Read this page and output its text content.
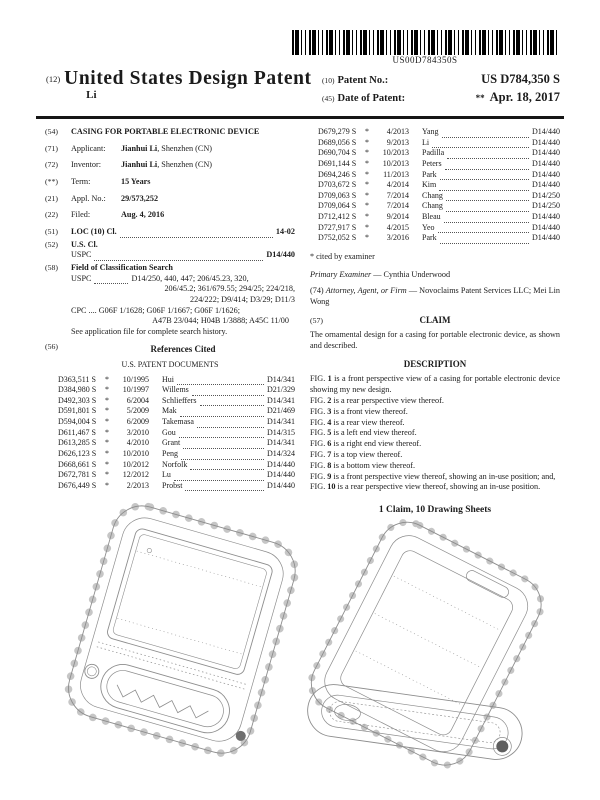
US00D784350S
(12) United States Design Patent
Li
(10) Patent No.:	US D784,350 S
(45) Date of Patent:	** Apr. 18, 2017
(54)	CASING FOR PORTABLE ELECTRONIC DEVICE
(71)	Applicant: Jianhui Li, Shenzhen (CN)
(72)	Inventor: Jianhui Li, Shenzhen (CN)
(**)	Term:	15 Years
(21)	Appl. No.: 29/573,252
(22)	Filed:	Aug. 4, 2016
(51)	LOC (10) Cl.	14-02
(52)	U.S. Cl.
USPC	D14/440
(58)	Field of Classification Search
USPC	D14/250, 440, 447; 206/45.23, 320,
206/45.2; 361/679.55; 294/25; 224/218,
224/222; D9/414; D3/29; D11/3
CPC .... G06F 1/1628; G06F 1/1667; G06F 1/1626;
A47B 23/044; H04B 1/3888; A45C 11/00
See application file for complete search history.
(56)	References Cited
U.S. PATENT DOCUMENTS
D363,511 S	*	10/1995 Hui	D14/341
D384,980 S	*	10/1997 Willems	D21/329
D492,303 S	*	6/2004 Schlieffers	D14/341
D591,801 S	*	5/2009 Mak	D21/469
D594,004 S	*	6/2009 Takemasa	D14/341
D611,467 S	*	3/2010 Gou	D14/315
D613,285 S	*	4/2010 Grant	D14/341
D626,123 S	*	10/2010 Peng	D14/324
D668,661 S	*	10/2012 Norfolk	D14/440
D672,781 S	*	12/2012 Lu	D14/440
D676,449 S	*	2/2013 Probst	D14/440
D679,279 S	*	4/2013 Yang	D14/440
D689,056 S	*	9/2013 Li	D14/440
D690,704 S	*	10/2013 Padilla	D14/440
D691,144 S	*	10/2013 Peters	D14/440
D694,246 S	*	11/2013 Park	D14/440
D703,672 S	*	4/2014 Kim	D14/440
D709,063 S	*	7/2014 Chang	D14/250
D709,064 S	*	7/2014 Chang	D14/250
D712,412 S	*	9/2014 Bleau	D14/440
D727,917 S	*	4/2015 Yeo	D14/440
D752,052 S	*	3/2016 Park	D14/440
* cited by examiner
Primary Examiner — Cynthia Underwood
(74) Attorney, Agent, or Firm — Novoclaims Patent Services LLC; Mei Lin Wong
(57)	CLAIM
The ornamental design for a casing for portable electronic device, as shown and described.
DESCRIPTION
FIG. 1 is a front perspective view of a casing for portable electronic device showing my new design.
FIG. 2 is a rear perspective view thereof.
FIG. 3 is a front view thereof.
FIG. 4 is a rear view thereof.
FIG. 5 is a left end view thereof.
FIG. 6 is a right end view thereof.
FIG. 7 is a top view thereof.
FIG. 8 is a bottom view thereof.
FIG. 9 is a front perspective view thereof, showing an in-use position; and,
FIG. 10 is a rear perspective view thereof, showing an in-use position.
1 Claim, 10 Drawing Sheets
